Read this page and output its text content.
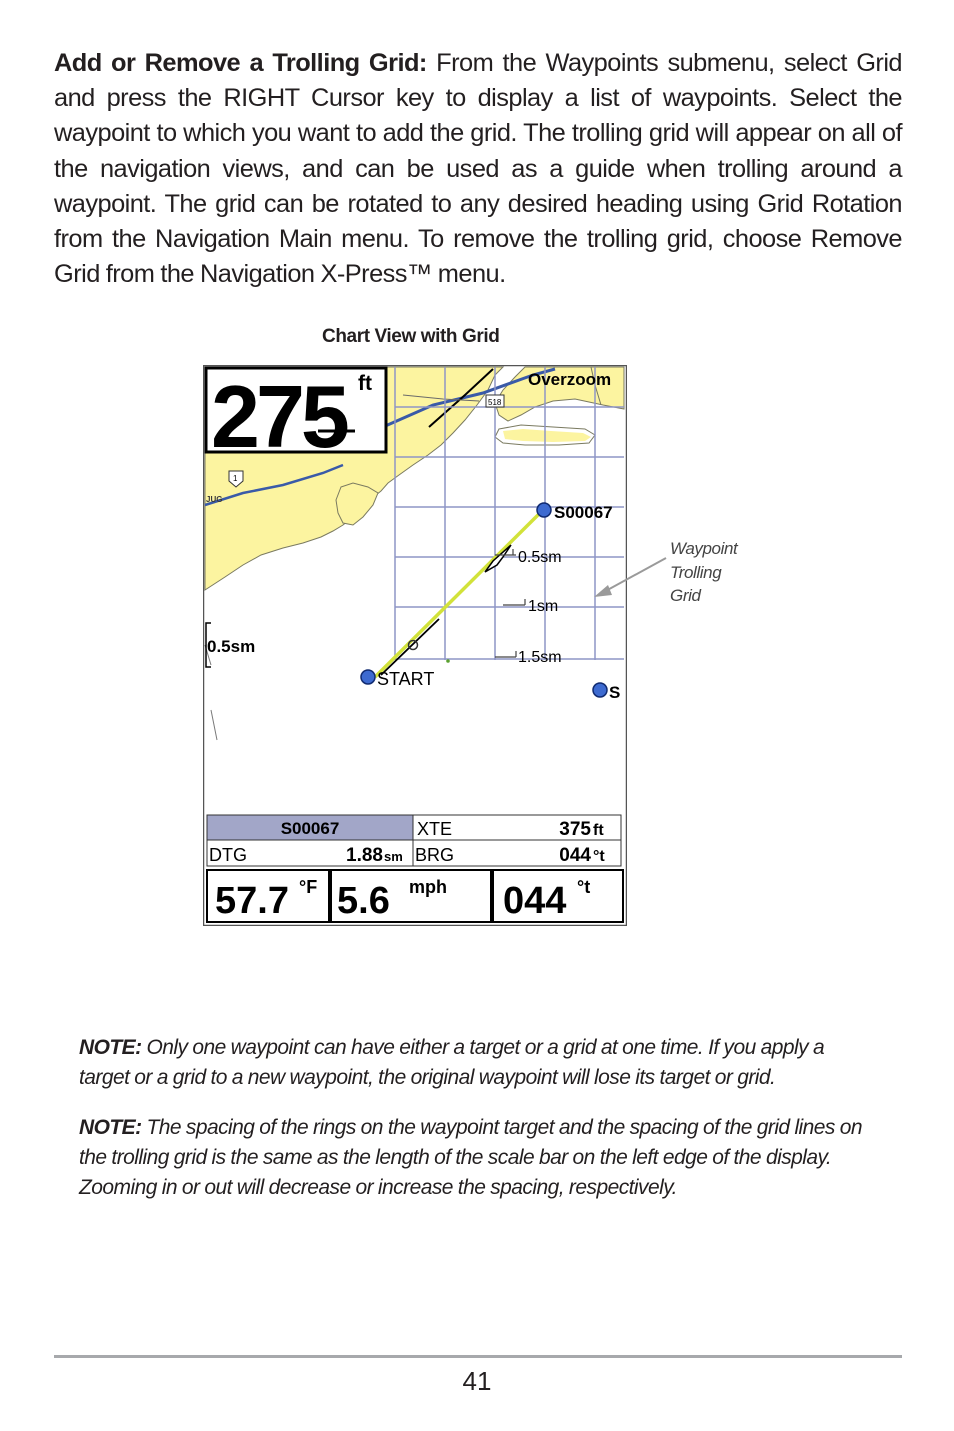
Add or Remove a Trolling Grid: From the Waypoints submenu, select Grid and press the RIGHT Cursor key to display a list of waypoints. Select the waypoint to which you want to add the grid. The trolling grid will appear on all of the navigation views, and can be used as a guide when trolling around a waypoint. The grid can be rotated to any desired heading using Grid Rotation from the Navigation Main menu. To remove the trolling grid, choose Remove Grid from the Navigation X-Press™ menu.
Chart View with Grid
S00067
START
S
0.5sm
1sm
1.5sm
0.5sm
518
1
JUG
275 ft	Overzoom
S00067	XTE	375 ft
DTG	1.88 sm BRG	044 °t
57.7 °F 5.6 mph 044 °t
Waypoint
Trolling
Grid
NOTE: Only one waypoint can have either a target or a grid at one time. If you apply a target or a grid to a new waypoint, the original waypoint will lose its target or grid.
NOTE: The spacing of the rings on the waypoint target and the spacing of the grid lines on the trolling grid is the same as the length of the scale bar on the left edge of the display. Zooming in or out will decrease or increase the spacing, respectively.
41
